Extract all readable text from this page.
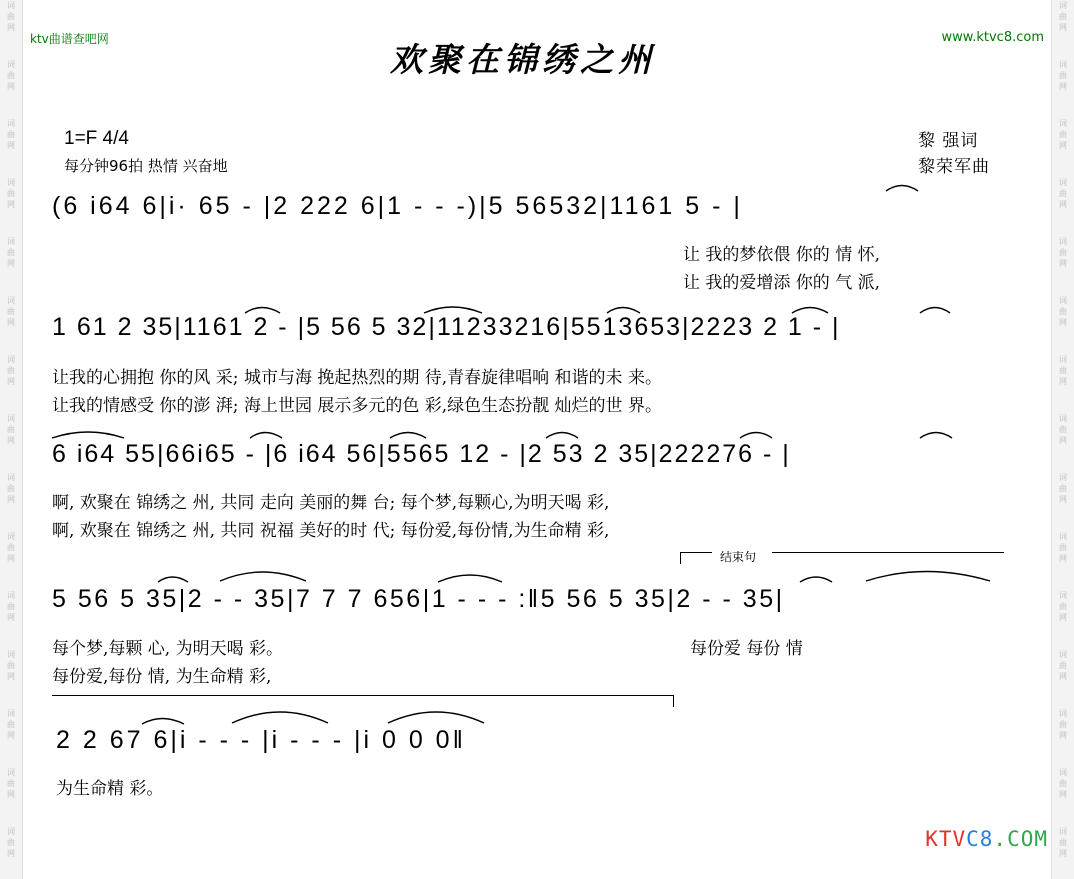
词
曲
网
词
曲
网
词
曲
网
词
曲
网
词
曲
网
词
曲
网
词
曲
网
词
曲
网
词
曲
网
词
曲
网
词
曲
网
词
曲
网
词
曲
网
词
曲
网
词
曲
网
词
曲
网
词
曲
网
词
曲
网
词
曲
网
词
曲
网
词
曲
网
词
曲
网
词
曲
网
词
曲
网
词
曲
网
词
曲
网
词
曲
网
词
曲
网
词
曲
网
词
曲
网
ktv曲谱查吧网	www.ktvc8.com
欢聚在锦绣之州
1=F 4/4
每分钟96拍 热情 兴奋地
黎 强词
黎荣军曲
(6 i64 6|i· 65 - |2 222 6|1 - - -)|5 56532|1161 5 - |
让 我的梦依偎 你的 情 怀,
让 我的爱增添 你的 气 派,
1 61 2 35|1161 2 - |5 56 5 32|11233216|5513653|2223 2 1 - |
让我的心拥抱 你的风 采; 城市与海 挽起热烈的期 待,青春旋律唱响 和谐的未 来。
让我的情感受 你的澎 湃; 海上世园 展示多元的色 彩,绿色生态扮靓 灿烂的世 界。
6 i64 55|66i65 - |6 i64 56|5565 12 - |2 53 2 35|222276 - |
啊, 欢聚在 锦绣之 州, 共同 走向 美丽的舞 台; 每个梦,每颗心,为明天喝 彩,
啊, 欢聚在 锦绣之 州, 共同 祝福 美好的时 代; 每份爱,每份情,为生命精 彩,
结束句
5 56 5 35|2 - - 35|7 7 7 656|1 - - - :‖5 56 5 35|2 - - 35|
每个梦,每颗 心, 为明天喝 彩。	每份爱 每份 情
每份爱,每份 情, 为生命精 彩,
2 2 67 6|i - - - |i - - - |i 0 0 0‖
为生命精 彩。
KTVC8.COM
